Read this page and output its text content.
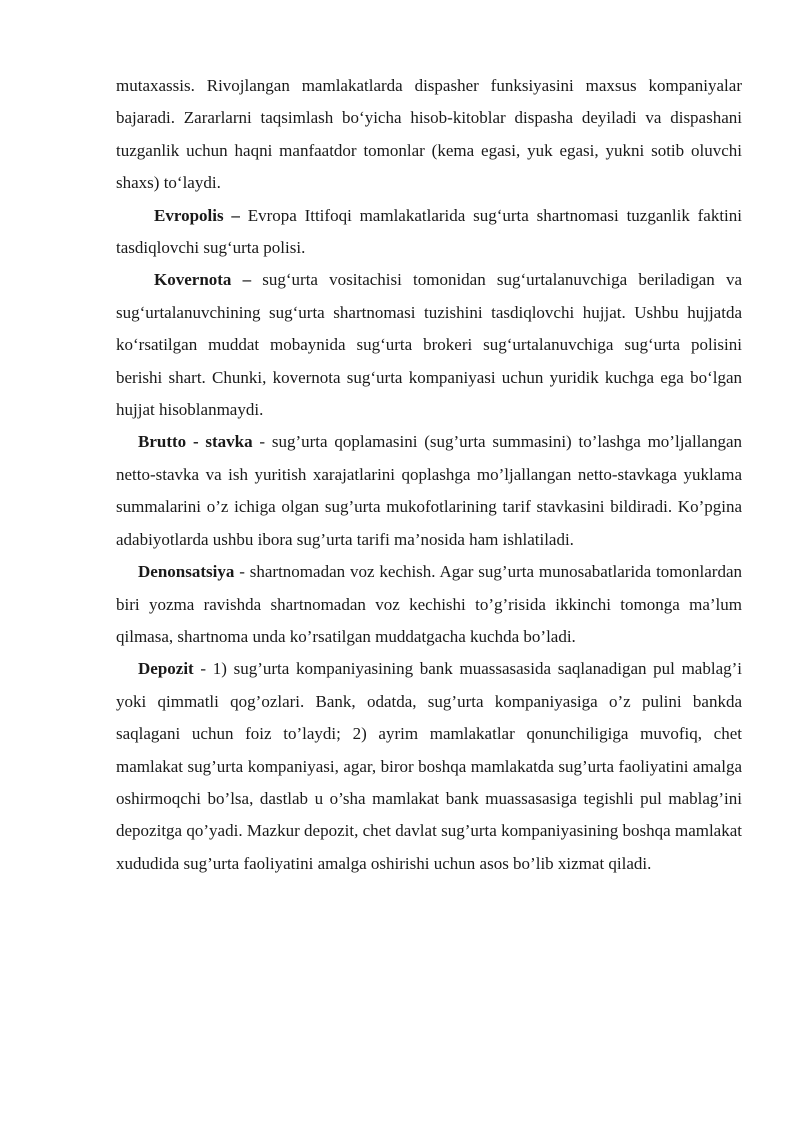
mutaxassis. Rivojlangan mamlakatlarda dispasher funksiyasini maxsus kompaniyalar bajaradi. Zararlarni taqsimlash bo‘yicha hisob-kitoblar dispasha deyiladi va dispashani tuzganlik uchun haqni manfaatdor tomonlar (kema egasi, yuk egasi, yukni sotib oluvchi shaxs) to‘laydi.

Evropolis – Evropa Ittifoqi mamlakatlarida sug‘urta shartnomasi tuzganlik faktini tasdiqlovchi sug‘urta polisi.

Kovernota – sug‘urta vositachisi tomonidan sug‘urtalanuvchiga beriladigan va sug‘urtalanuvchining sug‘urta shartnomasi tuzishini tasdiqlovchi hujjat. Ushbu hujjatda ko‘rsatilgan muddat mobaynida sug‘urta brokeri sug‘urtalanuvchiga sug‘urta polisini berishi shart. Chunki, kovernota sug‘urta kompaniyasi uchun yuridik kuchga ega bo‘lgan hujjat hisoblanmaydi.

Brutto - stavka - sug’urta qoplamasini (sug’urta summasini) to’lashga mo’ljallangan netto-stavka va ish yuritish xarajatlarini qoplashga mo’ljallangan netto-stavkaga yuklama summalarini o’z ichiga olgan sug’urta mukofotlarining tarif stavkasini bildiradi. Ko’pgina adabiyotlarda ushbu ibora sug’urta tarifi ma’nosida ham ishlatiladi.

Denonsatsiya - shartnomadan voz kechish. Agar sug’urta munosabatlarida tomonlardan biri yozma ravishda shartnomadan voz kechishi to’g’risida ikkinchi tomonga ma’lum qilmasa, shartnoma unda ko’rsatilgan muddatgacha kuchda bo’ladi.

Depozit - 1) sug’urta kompaniyasining bank muassasasida saqlanadigan pul mablag’i yoki qimmatli qog’ozlari. Bank, odatda, sug’urta kompaniyasiga o’z pulini bankda saqlagani uchun foiz to’laydi; 2) ayrim mamlakatlar qonunchiligiga muvofiq, chet mamlakat sug’urta kompaniyasi, agar, biror boshqa mamlakatda sug’urta faoliyatini amalga oshirmoqchi bo’lsa, dastlab u o’sha mamlakat bank muassasasiga tegishli pul mablag’ini depozitga qo’yadi. Mazkur depozit, chet davlat sug’urta kompaniyasining boshqa mamlakat xududida sug’urta faoliyatini amalga oshirishi uchun asos bo’lib xizmat qiladi.
